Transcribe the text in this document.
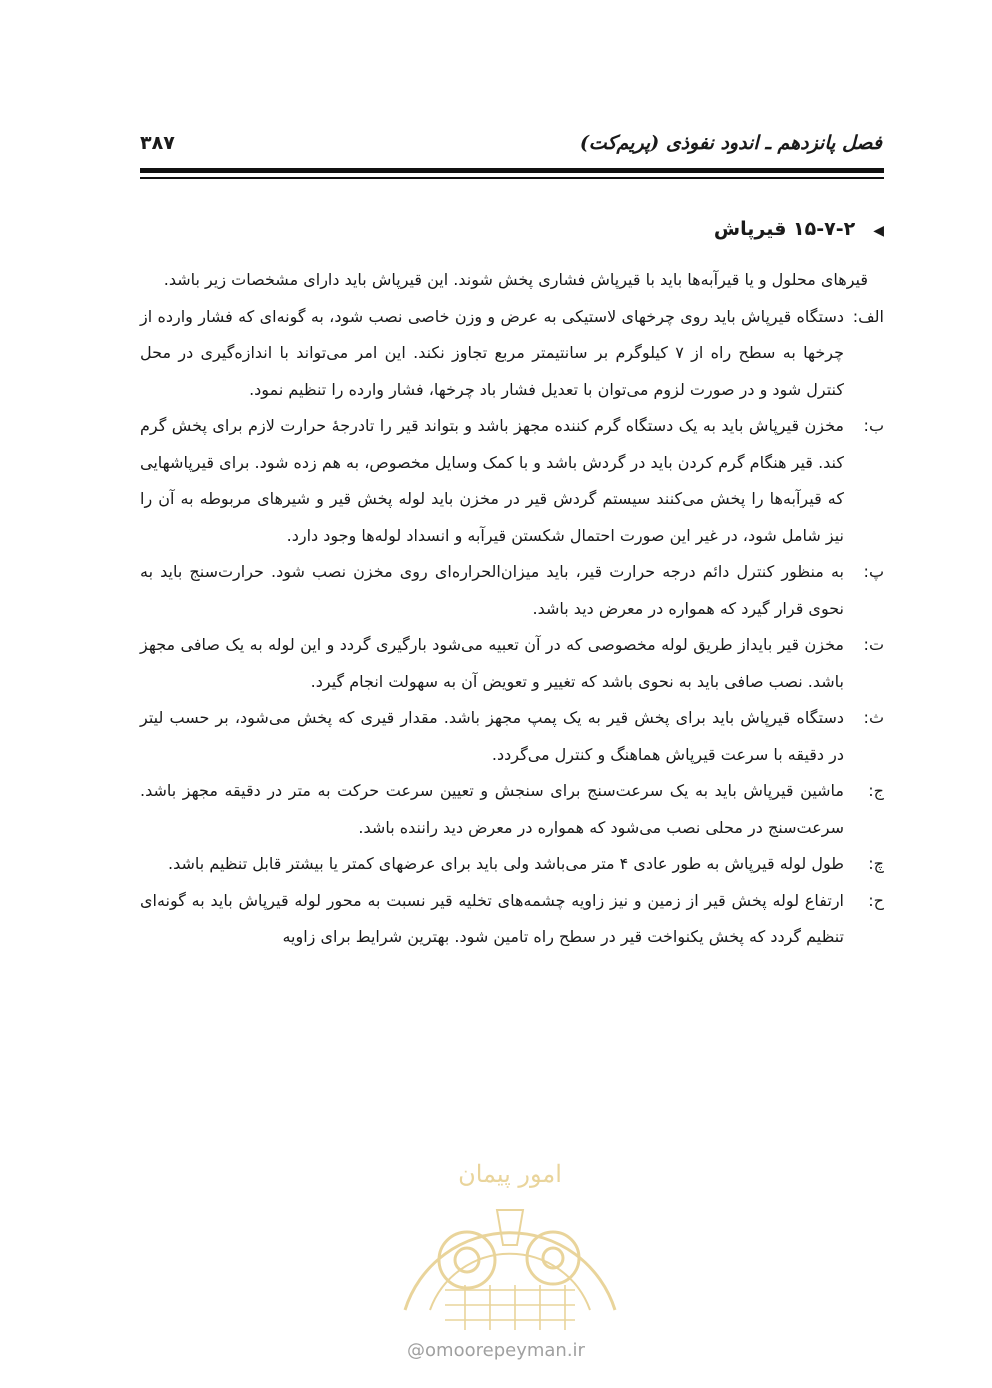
فصل پانزدهم ـ اندود نفوذی (پریم‌کت)
۳۸۷
◀۱۵-۷-۲ قیرپاش

قیرهای محلول و یا قیرآبه‌ها باید با قیرپاش فشاری پخش شوند. این قیرپاش باید دارای مشخصات زیر باشد.

الف:
دستگاه قیرپاش باید روی چرخهای لاستیکی به عرض و وزن خاصی نصب شود، به گونه‌ای که فشار وارده از چرخها به سطح راه از ۷ کیلوگرم بر سانتیمتر مربع تجاوز نکند. این امر می‌تواند با اندازه‌گیری در محل کنترل شود و در صورت لزوم می‌توان با تعدیل فشار باد چرخها، فشار وارده را تنظیم نمود.
ب:
مخزن قیرپاش باید به یک دستگاه گرم کننده مجهز باشد و بتواند قیر را تادرجهٔ حرارت لازم برای پخش گرم کند. قیر هنگام گرم کردن باید در گردش باشد و با کمک وسایل مخصوص، به هم زده شود. برای قیرپاشهایی که قیرآبه‌ها را پخش می‌کنند سیستم گردش قیر در مخزن باید لوله پخش قیر و شیرهای مربوطه به آن را نیز شامل شود، در غیر این صورت احتمال شکستن قیرآبه و انسداد لوله‌ها وجود دارد.
پ:
به منظور کنترل دائم درجه حرارت قیر، باید میزان‌الحراره‌ای روی مخزن نصب شود. حرارت‌سنج باید به نحوی قرار گیرد که همواره در معرض دید باشد.
ت:
مخزن قیر بایداز طریق لوله مخصوصی که در آن تعبیه می‌شود بارگیری گردد و این لوله به یک صافی مجهز باشد. نصب صافی باید به نحوی باشد که تغییر و تعویض آن به سهولت انجام گیرد.
ث:
دستگاه قیرپاش باید برای پخش قیر به یک پمپ مجهز باشد. مقدار قیری که پخش می‌شود، بر حسب لیتر در دقیقه با سرعت قیرپاش هماهنگ و کنترل می‌گردد.
ج:
ماشین قیرپاش باید به یک سرعت‌سنج برای سنجش و تعیین سرعت حرکت به متر در دقیقه مجهز باشد. سرعت‌سنج در محلی نصب می‌شود که همواره در معرض دید راننده باشد.
چ:
طول لوله قیرپاش به طور عادی ۴ متر می‌باشد ولی باید برای عرضهای کمتر یا بیشتر قابل تنظیم باشد.
ح:
ارتفاع لوله پخش قیر از زمین و نیز زاویه چشمه‌های تخلیه قیر نسبت به محور لوله قیرپاش باید به گونه‌ای تنظیم گردد که پخش یکنواخت قیر در سطح راه تامین شود. بهترین شرایط برای زاویه
امور پیمان
@omoorepeyman.ir
